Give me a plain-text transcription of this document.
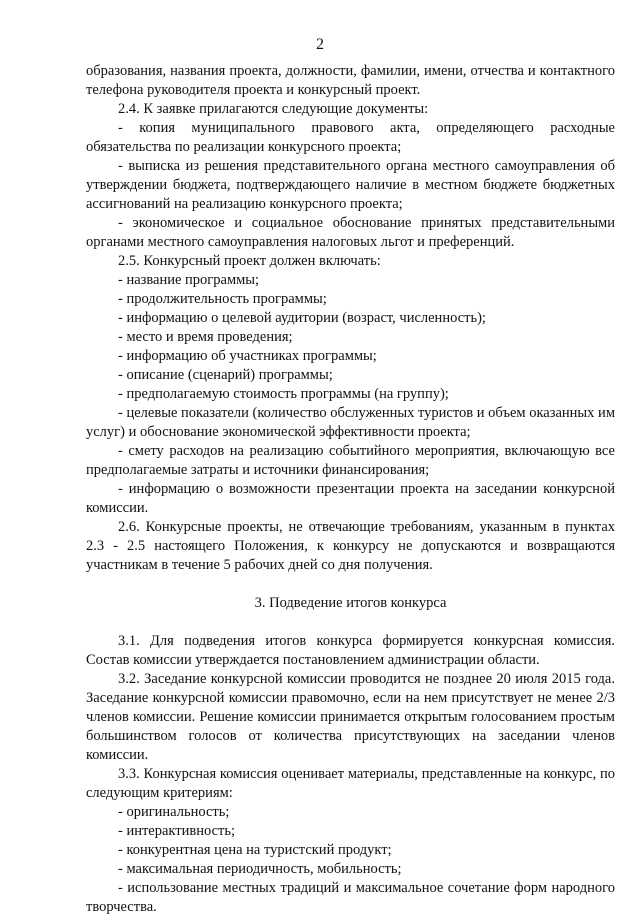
2

образования, названия проекта, должности, фамилии, имени, отчества и контактного телефона руководителя проекта и конкурсный проект.

2.4. К заявке прилагаются следующие документы:

- копия муниципального правового акта, определяющего расходные обязательства по реализации конкурсного проекта;

- выписка из решения представительного органа местного самоуправления об утверждении бюджета, подтверждающего наличие в местном бюджете бюджетных ассигнований на реализацию конкурсного проекта;

- экономическое и социальное обоснование принятых представительными органами местного самоуправления налоговых льгот и преференций.

2.5. Конкурсный проект должен включать:

- название программы;

- продолжительность программы;

- информацию о целевой аудитории (возраст, численность);

- место и время проведения;

- информацию об участниках программы;

- описание (сценарий) программы;

- предполагаемую стоимость программы (на группу);

- целевые показатели (количество обслуженных туристов и объем оказанных им услуг) и обоснование экономической эффективности проекта;

- смету расходов на реализацию событийного мероприятия, включающую все предполагаемые затраты и источники финансирования;

- информацию о возможности презентации проекта на заседании конкурсной комиссии.

2.6. Конкурсные проекты, не отвечающие требованиям, указанным в пунктах 2.3 - 2.5 настоящего Положения, к конкурсу не допускаются и возвращаются участникам в течение 5 рабочих дней со дня получения.

3. Подведение итогов конкурса

3.1. Для подведения итогов конкурса формируется конкурсная комиссия. Состав комиссии утверждается постановлением администрации области.

3.2. Заседание конкурсной комиссии проводится не позднее 20 июля 2015 года. Заседание конкурсной комиссии правомочно, если на нем присутствует не менее 2/3 членов комиссии. Решение комиссии принимается открытым голосованием простым большинством голосов от количества присутствующих на заседании членов комиссии.

3.3. Конкурсная комиссия оценивает материалы, представленные на конкурс, по следующим критериям:

- оригинальность;

- интерактивность;

- конкурентная цена на туристский продукт;

- максимальная периодичность, мобильность;

- использование местных традиций и максимальное сочетание форм народного творчества.
